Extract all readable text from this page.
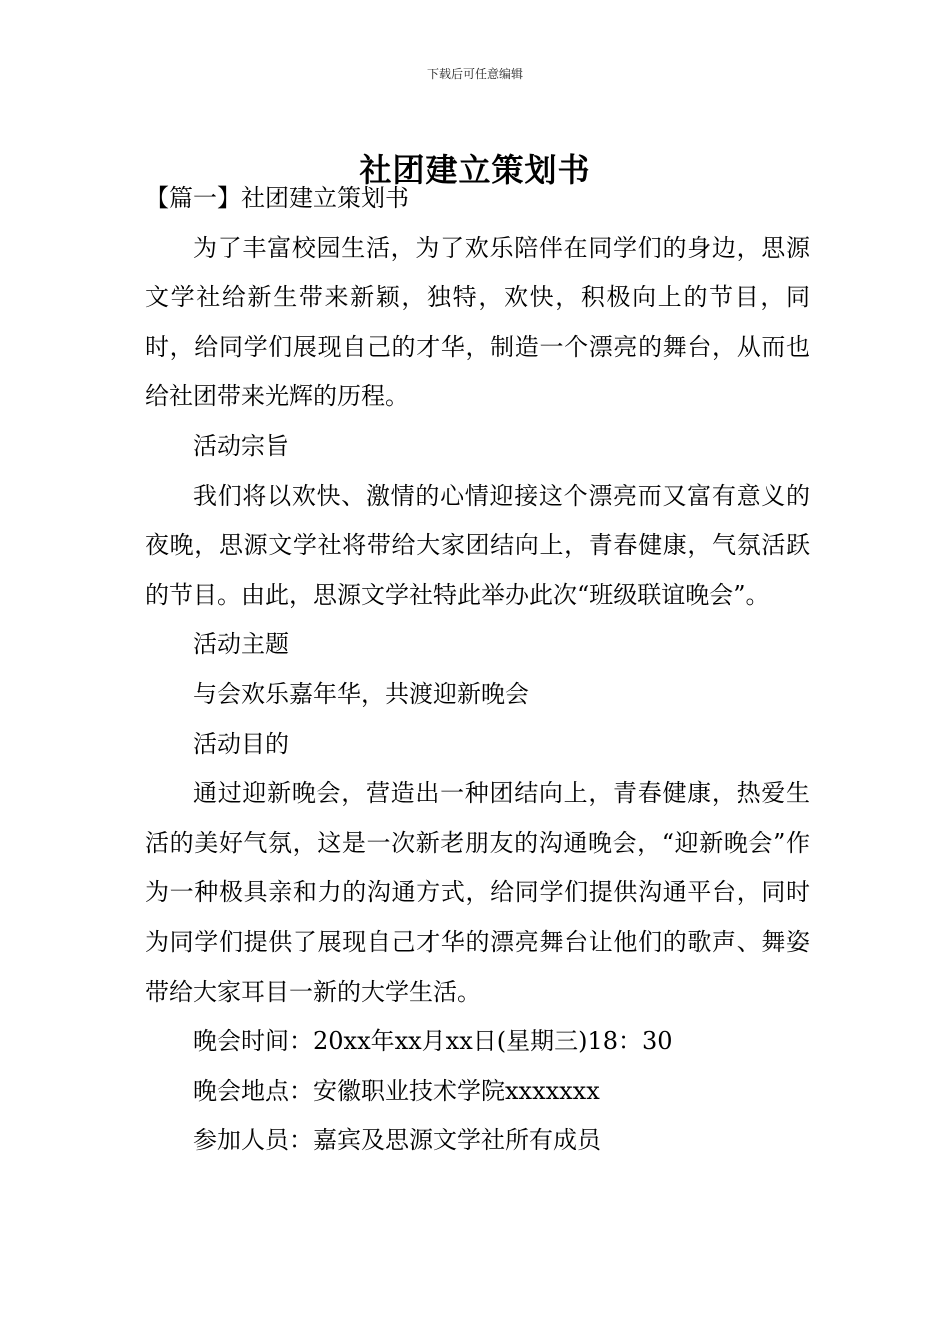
下载后可任意编辑
社团建立策划书

【篇一】社团建立策划书

为了丰富校园生活，为了欢乐陪伴在同学们的身边，思源文学社给新生带来新颖，独特，欢快，积极向上的节目，同时，给同学们展现自己的才华，制造一个漂亮的舞台，从而也给社团带来光辉的历程。

活动宗旨

我们将以欢快、激情的心情迎接这个漂亮而又富有意义的夜晚，思源文学社将带给大家团结向上，青春健康，气氛活跃的节目。由此，思源文学社特此举办此次“班级联谊晚会”。

活动主题

与会欢乐嘉年华，共渡迎新晚会

活动目的

通过迎新晚会，营造出一种团结向上，青春健康，热爱生活的美好气氛，这是一次新老朋友的沟通晚会，“迎新晚会”作为一种极具亲和力的沟通方式，给同学们提供沟通平台，同时为同学们提供了展现自己才华的漂亮舞台让他们的歌声、舞姿带给大家耳目一新的大学生活。

晚会时间：20xx年xx月xx日(星期三)18：30

晚会地点：安徽职业技术学院xxxxxxx

参加人员：嘉宾及思源文学社所有成员
